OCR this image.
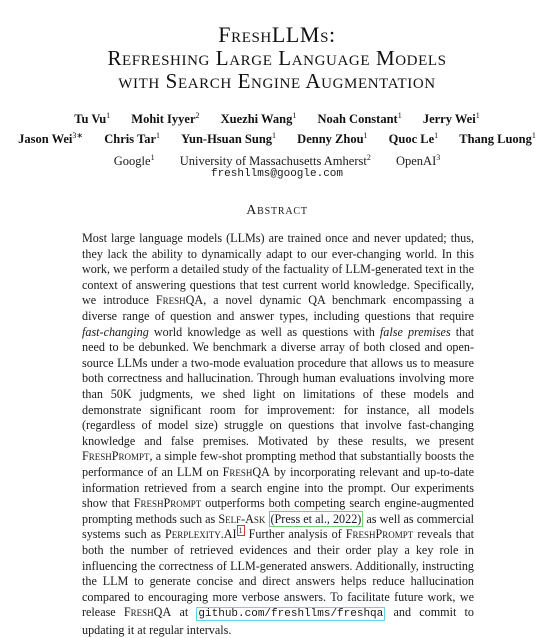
FreshLLMs:
Refreshing Large Language Models
with Search Engine Augmentation
Tu Vu$^1$ Mohit Iyyer$^2$ Xuezhi Wang$^1$ Noah Constant$^1$ Jerry Wei$^1$
Jason Wei$^{3∗}$ Chris Tar$^1$ Yun-Hsuan Sung$^1$ Denny Zhou$^1$ Quoc Le$^1$ Thang Luong$^1$
Google$^1$ University of Massachusetts Amherst$^2$ OpenAI$^3$
freshllms@google.com
Abstract
Most large language models (LLMs) are trained once and never updated; thus, they lack the ability to dynamically adapt to our ever-changing world. In this work, we perform a detailed study of the factuality of LLM-generated text in the context of answering questions that test current world knowledge. Specifically, we introduce FreshQA, a novel dynamic QA benchmark encompassing a diverse range of question and answer types, including questions that require fast-changing world knowledge as well as questions with false premises that need to be debunked. We benchmark a diverse array of both closed and open-source LLMs under a two-mode evaluation procedure that allows us to measure both correctness and hallucination. Through human evaluations involving more than 50K judgments, we shed light on limitations of these models and demonstrate significant room for improvement: for instance, all models (regardless of model size) struggle on questions that involve fast-changing knowledge and false premises. Motivated by these results, we present FreshPrompt, a simple few-shot prompting method that substantially boosts the performance of an LLM on FreshQA by incorporating relevant and up-to-date information retrieved from a search engine into the prompt. Our experiments show that FreshPrompt outperforms both competing search engine-augmented prompting methods such as Self-Ask (Press et al., 2022) as well as commercial systems such as Perplexity.AI $^1$ Further analysis of FreshPrompt reveals that both the number of retrieved evidences and their order play a key role in influencing the correctness of LLM-generated answers. Additionally, instructing the LLM to generate concise and direct answers helps reduce hallucination compared to encouraging more verbose answers. To facilitate future work, we release FreshQA at github.com/freshllms/freshqa and commit to updating it at regular intervals.
